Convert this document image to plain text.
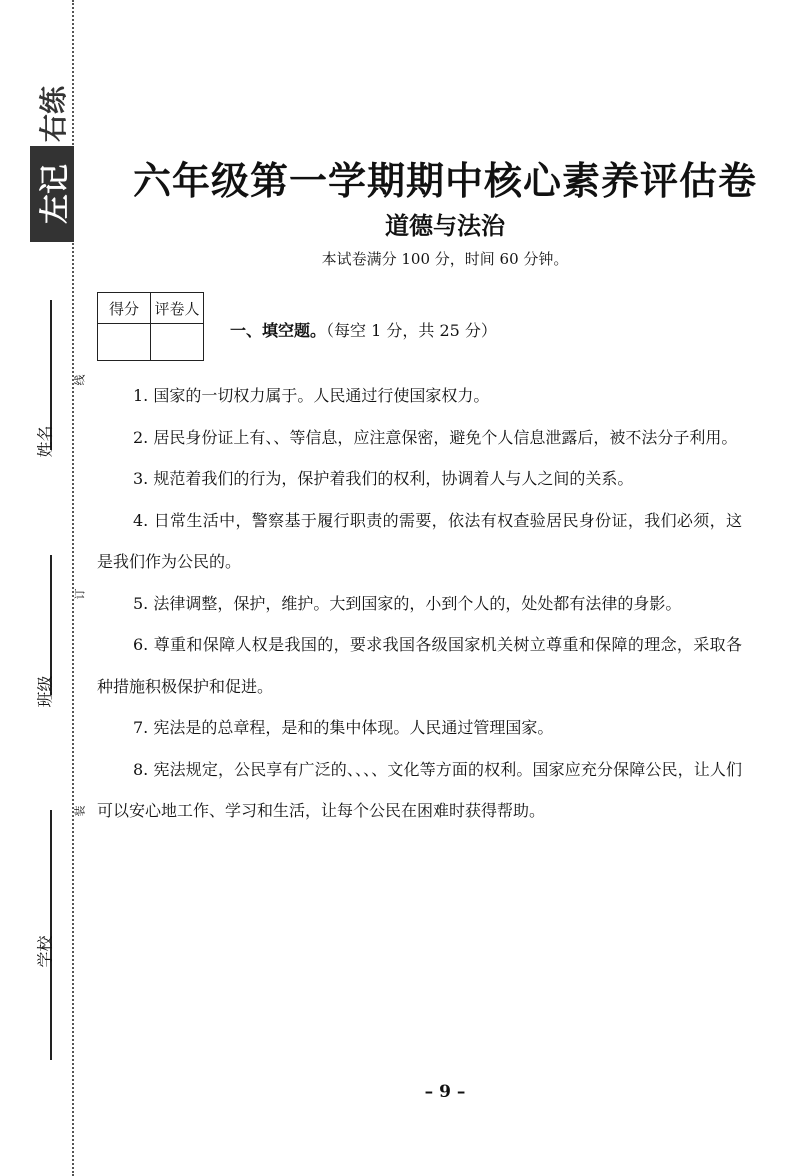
右练
左记
姓名
班级
学校
线
订
装
六年级第一学期期中核心素养评估卷
道德与法治
本试卷满分 100 分，时间 60 分钟。
得分	评卷人

一、填空题。（每空 1 分，共 25 分）

1. 国家的一切权力属于。人民通过行使国家权力。

2. 居民身份证上有、、等信息，应注意保密，避免个人信息泄露后，被不法分子利用。

3. 规范着我们的行为，保护着我们的权利，协调着人与人之间的关系。

4. 日常生活中，警察基于履行职责的需要，依法有权查验居民身份证，我们必须，这是我们作为公民的。

5. 法律调整，保护，维护。大到国家的，小到个人的，处处都有法律的身影。

6. 尊重和保障人权是我国的，要求我国各级国家机关树立尊重和保障的理念，采取各种措施积极保护和促进。

7. 宪法是的总章程，是和的集中体现。人民通过管理国家。

8. 宪法规定，公民享有广泛的、、、、文化等方面的权利。国家应充分保障公民，让人们可以安心地工作、学习和生活，让每个公民在困难时获得帮助。

– 9 –
